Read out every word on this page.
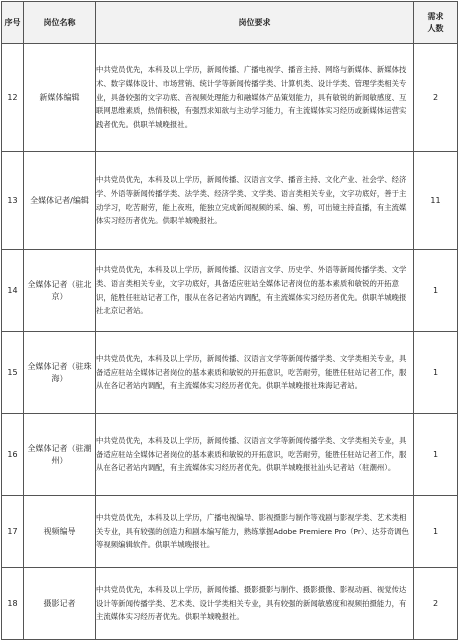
序号	岗位名称	岗位要求	需求
人数

12	新媒体编辑	中共党员优先，本科及以上学历，新闻传播、广播电视学、播音主持、网络与新媒体、新媒体技术、数字媒体设计、市场营销、统计学等新闻传播学类、计算机类、设计学类、管理学类相关专业，具备较强的文字功底、音视频处理能力和融媒体产品策划能力，具有敏锐的新闻敏感度、互联网思维素质，热情积极，有强烈求知欲与主动学习能力，有主流媒体实习经历或新媒体运营实践者优先。供职羊城晚报社。	2
13	全媒体记者/编辑	中共党员优先，本科及以上学历，新闻传播、汉语言文学、播音主持、文化产业、社会学、经济学、外语等新闻传播学类、法学类、经济学类、文学类、语言类相关专业，文字功底好，善于主动学习，吃苦耐劳，能上夜班，能独立完成新闻视频的采、编、剪，可出镜主持直播，有主流媒体实习经历者优先。供职羊城晚报社。	11
14	全媒体记者（驻北京）	中共党员优先，本科及以上学历，新闻传播、汉语言文学、历史学、外语等新闻传播学类、文学类、语言类相关专业，文字功底好，具备适应驻站全媒体记者岗位的基本素质和敏锐的开拓意识，能胜任驻站记者工作，服从在各记者站内调配，有主流媒体实习经历者优先。供职羊城晚报社北京记者站。	1
15	全媒体记者（驻珠海）	中共党员优先，本科及以上学历，新闻传播、汉语言文学等新闻传播学类、文学类相关专业，具备适应驻站全媒体记者岗位的基本素质和敏锐的开拓意识，吃苦耐劳，能胜任驻站记者工作，服从在各记者站内调配，有主流媒体实习经历者优先。供职羊城晚报社珠海记者站。	1
16	全媒体记者（驻潮州）	中共党员优先，本科及以上学历，新闻传播、汉语言文学等新闻传播学类、文学类相关专业，具备适应驻站全媒体记者岗位的基本素质和敏锐的开拓意识，吃苦耐劳，能胜任驻站记者工作，服从在各记者站内调配，有主流媒体实习经历者优先。供职羊城晚报社汕头记者站（驻潮州）。	1
17	视频编导	中共党员优先，本科及以上学历，广播电视编导、影视摄影与制作等戏剧与影视学类、艺术类相关专业，具有较强的创造力和剧本编写能力，熟练掌握Adobe Premiere Pro（Pr）、达芬奇调色等视频编辑软件。供职羊城晚报社。	1
18	摄影记者	中共党员优先，本科及以上学历，新闻传播、摄影摄影与制作、摄影摄像、影视动画、视觉传达设计等新闻传播学类、艺术类、设计学类相关专业，具有较强的新闻敏感度和视频拍摄能力，有主流媒体实习经历者优先。供职羊城晚报社。	2
